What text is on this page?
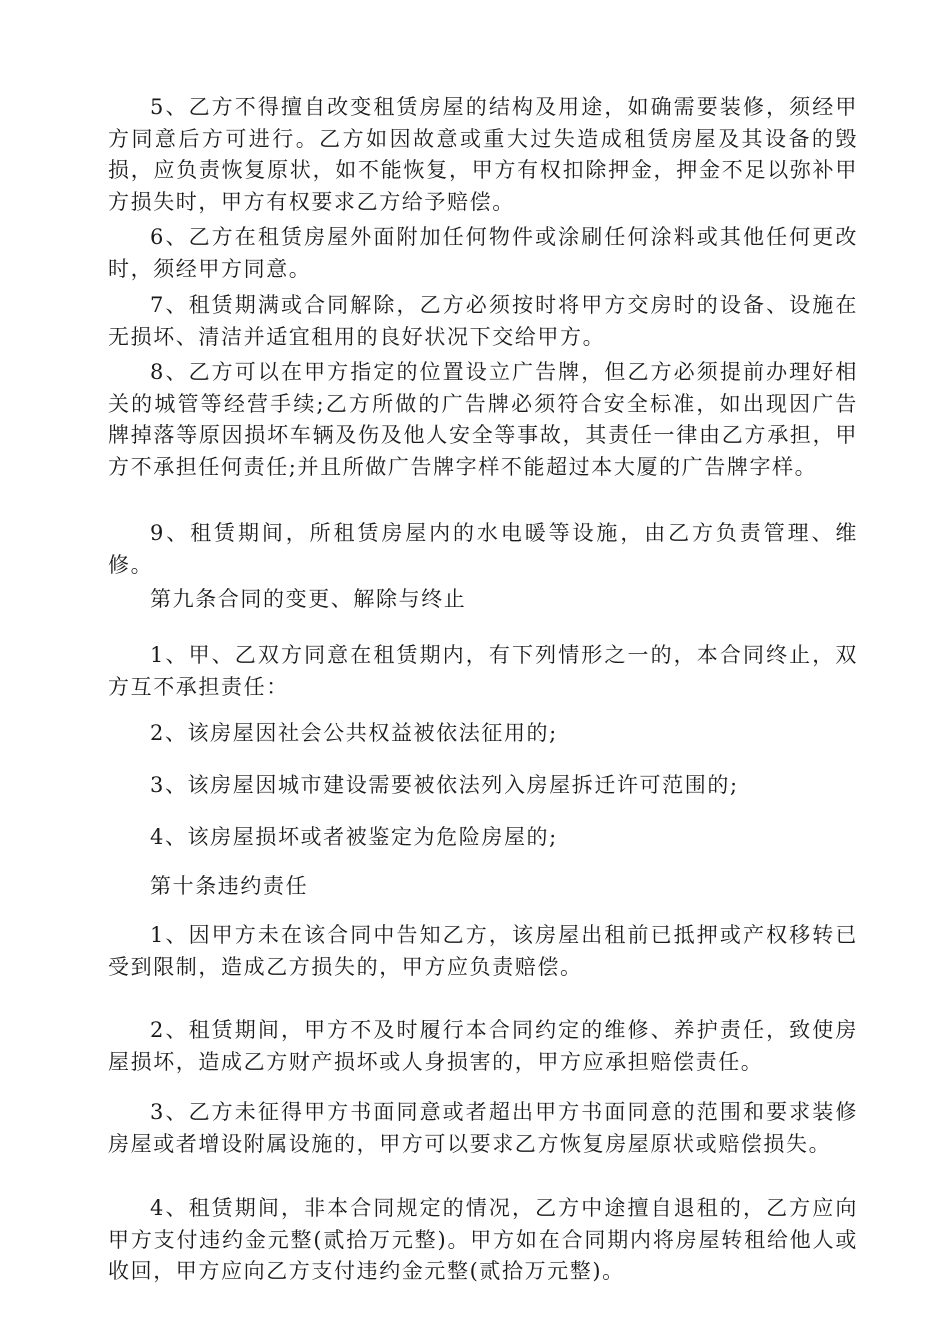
5、乙方不得擅自改变租赁房屋的结构及用途，如确需要装修，须经甲方同意后方可进行。乙方如因故意或重大过失造成租赁房屋及其设备的毁损，应负责恢复原状，如不能恢复，甲方有权扣除押金，押金不足以弥补甲方损失时，甲方有权要求乙方给予赔偿。

6、乙方在租赁房屋外面附加任何物件或涂刷任何涂料或其他任何更改时，须经甲方同意。

7、租赁期满或合同解除，乙方必须按时将甲方交房时的设备、设施在无损坏、清洁并适宜租用的良好状况下交给甲方。

8、乙方可以在甲方指定的位置设立广告牌，但乙方必须提前办理好相关的城管等经营手续;乙方所做的广告牌必须符合安全标准，如出现因广告牌掉落等原因损坏车辆及伤及他人安全等事故，其责任一律由乙方承担，甲方不承担任何责任;并且所做广告牌字样不能超过本大厦的广告牌字样。

9、租赁期间，所租赁房屋内的水电暖等设施，由乙方负责管理、维修。

第九条合同的变更、解除与终止

1、甲、乙双方同意在租赁期内，有下列情形之一的，本合同终止，双方互不承担责任：

2、该房屋因社会公共权益被依法征用的;

3、该房屋因城市建设需要被依法列入房屋拆迁许可范围的;

4、该房屋损坏或者被鉴定为危险房屋的;

第十条违约责任

1、因甲方未在该合同中告知乙方，该房屋出租前已抵押或产权移转已受到限制，造成乙方损失的，甲方应负责赔偿。

2、租赁期间，甲方不及时履行本合同约定的维修、养护责任，致使房屋损坏，造成乙方财产损坏或人身损害的，甲方应承担赔偿责任。

3、乙方未征得甲方书面同意或者超出甲方书面同意的范围和要求装修房屋或者增设附属设施的，甲方可以要求乙方恢复房屋原状或赔偿损失。

4、租赁期间，非本合同规定的情况，乙方中途擅自退租的，乙方应向甲方支付违约金元整(贰拾万元整)。甲方如在合同期内将房屋转租给他人或收回，甲方应向乙方支付违约金元整(贰拾万元整)。
